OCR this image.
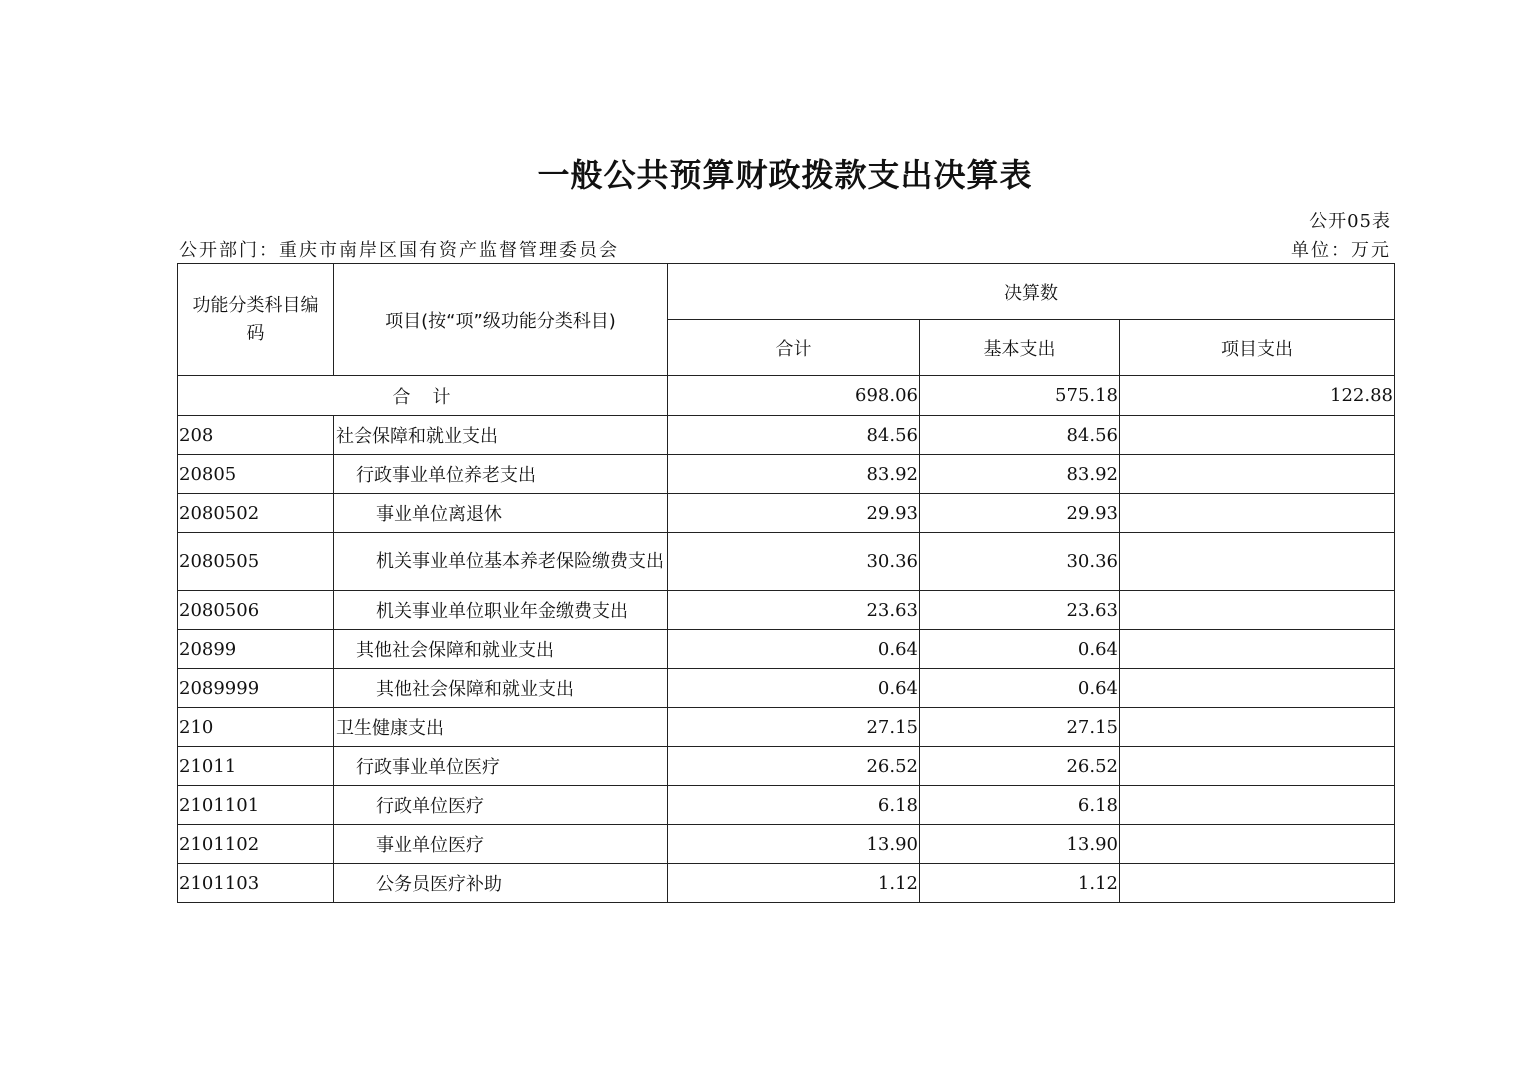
一般公共预算财政拨款支出决算表
公开05表
公开部门：重庆市南岸区国有资产监督管理委员会	单位：万元
功能分类科目编码	项目(按“项”级功能分类科目)	决算数		
		合计	基本支出	项目支出
合　计		698.06	575.18	122.88
208	社会保障和就业支出	84.56	84.56	
20805	行政事业单位养老支出	83.92	83.92	
2080502	事业单位离退休	29.93	29.93	
2080505	机关事业单位基本养老保险缴费支出	30.36	30.36	
2080506	机关事业单位职业年金缴费支出	23.63	23.63	
20899	其他社会保障和就业支出	0.64	0.64	
2089999	其他社会保障和就业支出	0.64	0.64	
210	卫生健康支出	27.15	27.15	
21011	行政事业单位医疗	26.52	26.52	
2101101	行政单位医疗	6.18	6.18	
2101102	事业单位医疗	13.90	13.90	
2101103	公务员医疗补助	1.12	1.12	
